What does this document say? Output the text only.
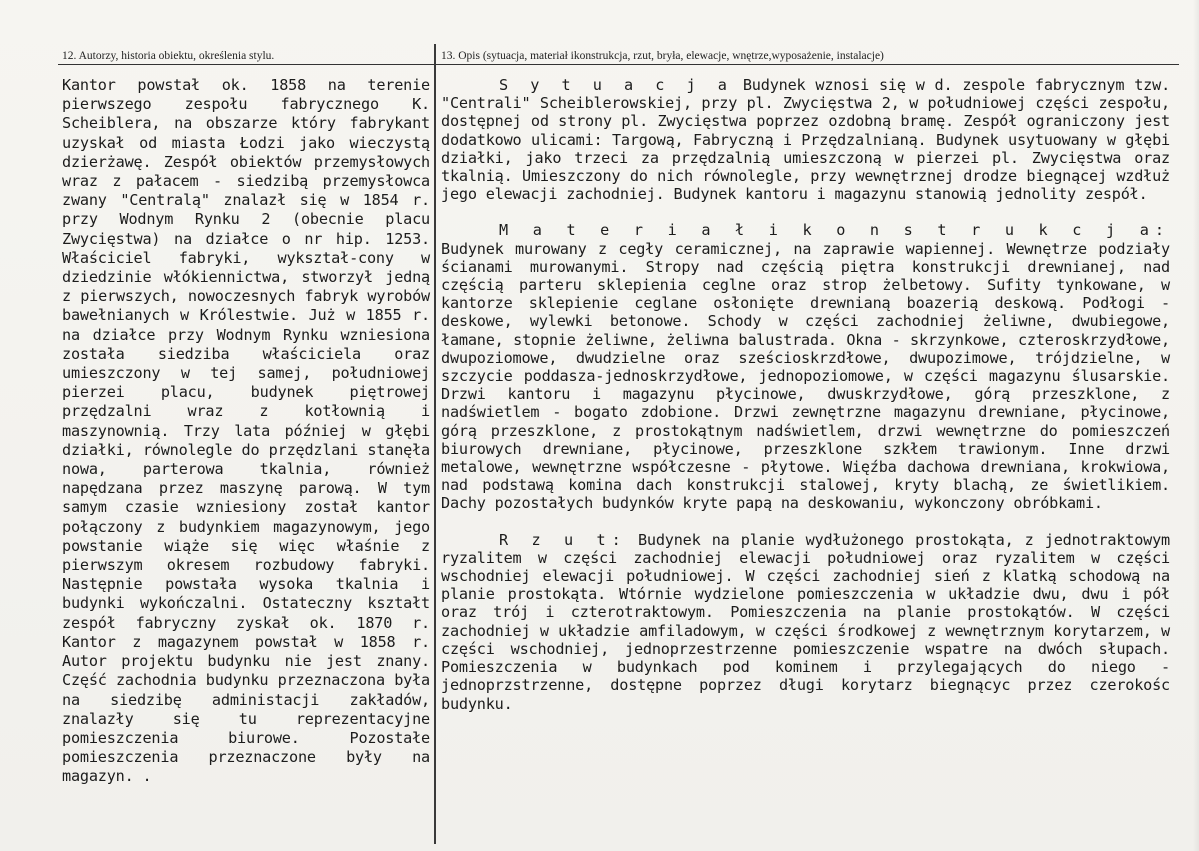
12. Autorzy, historia obiektu, określenia stylu.	13. Opis (sytuacja, materiał ikonstrukcja, rzut, bryła, elewacje, wnętrze,wyposażenie, instalacje)

Kantor powstał ok. 1858 na terenie pierwszego zespołu fabrycznego K. Scheiblera, na obszarze który fabrykant uzyskał od miasta Łodzi jako wieczystą dzierżawę. Zespół obiektów przemysłowych wraz z pałacem - siedzibą przemysłowca zwany "Centralą" znalazł się w 1854 r. przy Wodnym Rynku 2 (obecnie placu Zwycięstwa) na działce o nr hip. 1253. Właściciel fabryki, wykształ-cony w dziedzinie włókiennictwa, stworzył jedną z pierwszych, nowoczesnych fabryk wyrobów bawełnianych w Królestwie. Już w 1855 r. na działce przy Wodnym Rynku wzniesiona została siedziba właściciela oraz umieszczony w tej samej, południowej pierzei placu, budynek piętrowej przędzalni wraz z kotłownią i maszynownią. Trzy lata później w głębi działki, równolegle do przędzlani stanęła nowa, parterowa tkalnia, również napędzana przez maszynę parową. W tym samym czasie wzniesiony został kantor połączony z budynkiem magazynowym, jego powstanie wiąże się więc właśnie z pierwszym okresem rozbudowy fabryki. Następnie powstała wysoka tkalnia i budynki wykończalni. Ostateczny kształt zespół fabryczny zyskał ok. 1870 r. Kantor z magazynem powstał w 1858 r. Autor projektu budynku nie jest znany. Część zachodnia budynku przeznaczona była na siedzibę administacji zakładów, znalazły się tu reprezentacyjne pomieszczenia biurowe. Pozostałe pomieszczenia przeznaczone były na magazyn. .

S y t u a c j a Budynek wznosi się w d. zespole fabrycznym tzw. "Centrali" Scheiblerowskiej, przy pl. Zwycięstwa 2, w południowej części zespołu, dostępnej od strony pl. Zwycięstwa poprzez ozdobną bramę. Zespół ograniczony jest dodatkowo ulicami: Targową, Fabryczną i Przędzalnianą. Budynek usytuowany w głębi działki, jako trzeci za przędzalnią umieszczoną w pierzei pl. Zwycięstwa oraz tkalnią. Umieszczony do nich równolegle, przy wewnętrznej drodze biegnącej wzdłuż jego elewacji zachodniej. Budynek kantoru i magazynu stanowią jednolity zespół.

M a t e r i a ł i k o n s t r u k c j a: Budynek murowany z cegły ceramicznej, na zaprawie wapiennej. Wewnętrze podziały ścianami murowanymi. Stropy nad częścią piętra konstrukcji drewnianej, nad częścią parteru sklepienia ceglne oraz strop żelbetowy. Sufity tynkowane, w kantorze sklepienie ceglane osłonięte drewnianą boazerią deskową. Podłogi - deskowe, wylewki betonowe. Schody w części zachodniej żeliwne, dwubiegowe, łamane, stopnie żeliwne, żeliwna balustrada. Okna - skrzynkowe, czteroskrzydłowe, dwupoziomowe, dwudzielne oraz sześcioskrzdłowe, dwupozimowe, trójdzielne, w szczycie poddasza-jednoskrzydłowe, jednopoziomowe, w części magazynu ślusarskie. Drzwi kantoru i magazynu płycinowe, dwuskrzydłowe, górą przeszklone, z nadświetlem - bogato zdobione. Drzwi zewnętrzne magazynu drewniane, płycinowe, górą przeszklone, z prostokątnym nadświetlem, drzwi wewnętrzne do pomieszczeń biurowych drewniane, płycinowe, przeszklone szkłem trawionym. Inne drzwi metalowe, wewnętrzne współczesne - płytowe. Więźba dachowa drewniana, krokwiowa, nad podstawą komina dach konstrukcji stalowej, kryty blachą, ze świetlikiem. Dachy pozostałych budynków kryte papą na deskowaniu, wykonczony obróbkami.

R z u t: Budynek na planie wydłużonego prostokąta, z jednotraktowym ryzalitem w części zachodniej elewacji południowej oraz ryzalitem w części wschodniej elewacji południowej. W części zachodniej sień z klatką schodową na planie prostokąta. Wtórnie wydzielone pomieszczenia w układzie dwu, dwu i pół oraz trój i czterotraktowym. Pomieszczenia na planie prostokątów. W części zachodniej w układzie amfiladowym, w części środkowej z wewnętrznym korytarzem, w części wschodniej, jednoprzestrzenne pomieszczenie wspatre na dwóch słupach. Pomieszczenia w budynkach pod kominem i przylegających do niego - jednoprzstrzenne, dostępne poprzez długi korytarz biegnącyc przez czerokośc budynku.
